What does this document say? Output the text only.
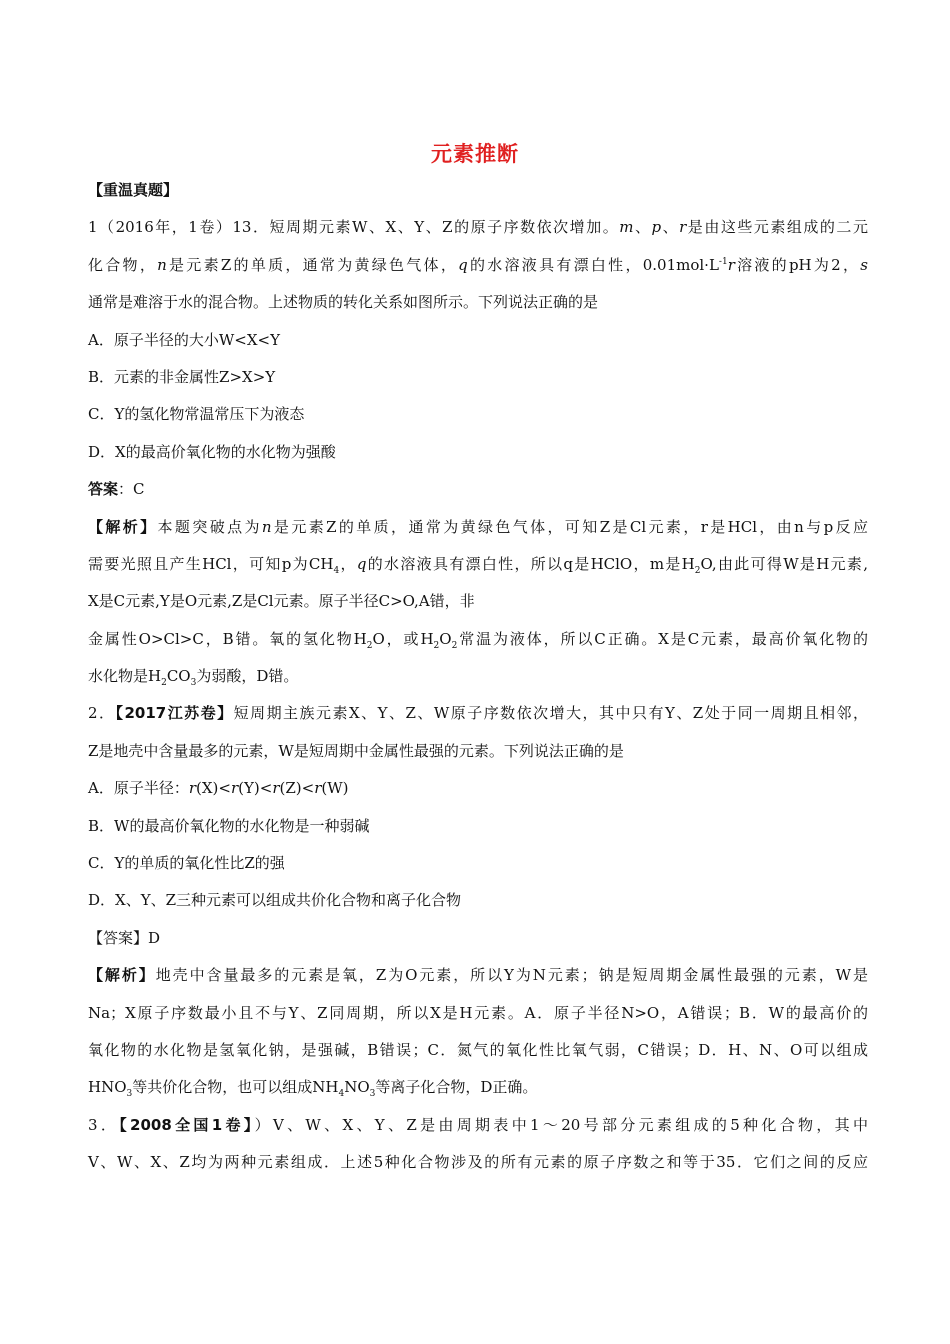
元素推断
【重温真题】
1（2016年，1卷）13．短周期元素W、X、Y、Z的原子序数依次增加。m、p、r是由这些元素组成的二元
化合物，n是元素Z的单质，通常为黄绿色气体，q的水溶液具有漂白性，$0.01mol\cdot L^{-1}r$溶液的pH为2，s
通常是难溶于水的混合物。上述物质的转化关系如图所示。下列说法正确的是
A．原子半径的大小W<X<Y
B．元素的非金属性Z>X>Y
C．Y的氢化物常温常压下为液态
D．X的最高价氧化物的水化物为强酸
答案：C
【解析】本题突破点为n是元素Z的单质，通常为黄绿色气体，可知Z是Cl元素，r是HCl，由n与p反应
需要光照且产生HCl，可知p为$CH_4$，q的水溶液具有漂白性，所以q是HClO，m是$H_2O$,由此可得W是H元素,
X是C元素,Y是O元素,Z是Cl元素。原子半径C>O,A错，非
金属性O>Cl>C，B错。氧的氢化物$H_2O$，或$H_2O_2$常温为液体，所以C正确。X是C元素，最高价氧化物的
水化物是$H_2CO_3$为弱酸，D错。
2．【2017江苏卷】短周期主族元素X、Y、Z、W原子序数依次增大，其中只有Y、Z处于同一周期且相邻，
Z是地壳中含量最多的元素，W是短周期中金属性最强的元素。下列说法正确的是
A．原子半径：r(X)<r(Y)<r(Z)<r(W)
B．W的最高价氧化物的水化物是一种弱碱
C．Y的单质的氧化性比Z的强
D．X、Y、Z三种元素可以组成共价化合物和离子化合物
【答案】D
【解析】地壳中含量最多的元素是氧，Z为O元素，所以Y为N元素；钠是短周期金属性最强的元素，W是
Na；X原子序数最小且不与Y、Z同周期，所以X是H元素。A．原子半径N>O，A错误；B．W的最高价的
氧化物的水化物是氢氧化钠，是强碱，B错误；C．氮气的氧化性比氧气弱，C错误；D．H、N、O可以组成
$HNO_3$等共价化合物，也可以组成$NH_4NO_3$等离子化合物，D正确。
3．【2008全国1卷】）V、W、X、Y、Z是由周期表中1～20号部分元素组成的5种化合物，其中
V、W、X、Z均为两种元素组成．上述5种化合物涉及的所有元素的原子序数之和等于35．它们之间的反应
